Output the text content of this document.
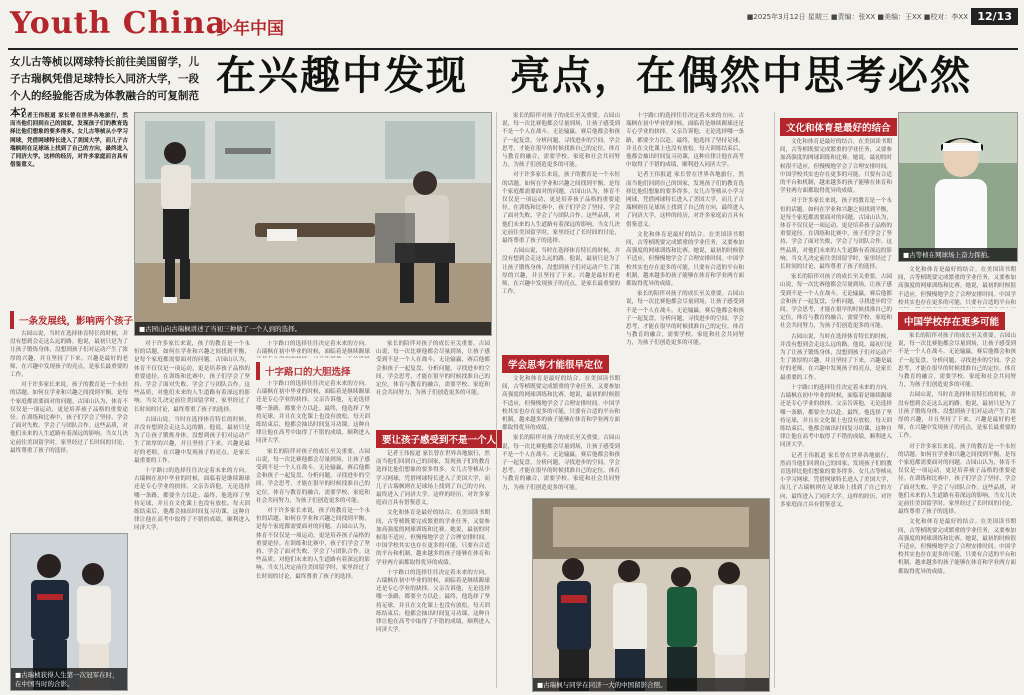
Youth China
少年中国
■2025年3月12日 星期三 ■责编：张XX ■美编：王XX ■校对：李XX 12/13
女儿古等桢以网球特长前往美国留学，儿子古瑞枫凭借足球特长入同济大学，一段个人的经验能否成为体教融合的可复制范本？
在兴趣中发现　亮点，在偶然中思考必然
■古园山向古瑞枫讲述了当初三种做了一个人到的选择。

记者王伟报道 家长曾在世界各地旅行，然而当他们回到自己的国家，发现孩子们的教育选择比他们想象的要多得多。女儿古等桢从小学习网球，凭借网球特长进入了美国大学，而儿子古瑞枫则在足球场上找到了自己的方向，最终进入了同济大学。这样的经历，对许多家庭而言具有借鉴意义。

一条发展线，影响两个孩子

古园山说，当时在选择体育特长的时候，并没有想到会走这么远的路。他说，最初只是为了让孩子锻炼身体，没想到孩子们对运动产生了浓厚的兴趣，并且坚持了下来。兴趣是最好的老师，在兴趣中发现孩子的亮点，是家长最重要的工作。

对于许多家长来说，孩子的教育是一个永恒的话题。如何在学业和兴趣之间找到平衡，是每个家庭都需要面对的问题。古园山认为，体育不仅仅是一项运动，更是培养孩子品格的重要途径。在训练和比赛中，孩子们学会了坚持、学会了面对失败、学会了与团队合作。这些品质，对他们未来的人生道路有着深远的影响。当女儿决定前往美国留学时，家里经过了长时间的讨论，最终尊重了孩子的选择。

■古瑞桢获得人生第一次冠军在时，在中国当时的合影。

对于许多家长来说，孩子的教育是一个永恒的话题。如何在学业和兴趣之间找到平衡，是每个家庭都需要面对的问题。古园山认为，体育不仅仅是一项运动，更是培养孩子品格的重要途径。在训练和比赛中，孩子们学会了坚持、学会了面对失败、学会了与团队合作。这些品质，对他们未来的人生道路有着深远的影响。当女儿决定前往美国留学时，家里经过了长时间的讨论，最终尊重了孩子的选择。

古园山说，当时在选择体育特长的时候，并没有想到会走这么远的路。他说，最初只是为了让孩子锻炼身体，没想到孩子们对运动产生了浓厚的兴趣，并且坚持了下来。兴趣是最好的老师，在兴趣中发现孩子的亮点，是家长最重要的工作。

十字路口的选择往往决定着未来的方向。古瑞枫在初中毕业的时候，面临着是继续踢球还是专心学业的抉择。父亲告诉他，无论选择哪一条路，都要全力以赴。最终，他选择了坚持足球，并且在文化课上也没有放松。每天训练结束后，他都会抽出时间复习功课，这种自律让他在高考中取得了不错的成绩，顺利进入同济大学。

十字路口的选择往往决定着未来的方向。古瑞枫在初中毕业的时候，面临着是继续踢球

十字路口的大胆选择

十字路口的选择往往决定着未来的方向。古瑞枫在初中毕业的时候，面临着是继续踢球还是专心学业的抉择。父亲告诉他，无论选择哪一条路，都要全力以赴。最终，他选择了坚持足球，并且在文化课上也没有放松。每天训练结束后，他都会抽出时间复习功课，这种自律让他在高考中取得了不错的成绩，顺利进入同济大学。

家长的陪伴对孩子的成长至关重要。古园山说，每一次比赛他都会尽量到场，让孩子感受到不是一个人在战斗。无论输赢，赛后他都会和孩子一起复盘，分析问题，寻找进步的空间。学会思考，才能在很早的时候找准自己的定位。体育与教育的融合，需要学校、家庭和社会共同努力，为孩子们创造更多的可能。

对于许多家长来说，孩子的教育是一个永恒的话题。如何在学业和兴趣之间找到平衡，是每个家庭都需要面对的问题。古园山认为，体育不仅仅是一项运动，更是培养孩子品格的重要途径。在训练和比赛中，孩子们学会了坚持、学会了面对失败、学会了与团队合作。这些品质，对他们未来的人生道路有着深远的影响。当女儿决定前往美国留学时，家里经过了长时间的讨论，最终尊重了孩子的选择。

家长的陪伴对孩子的成长至关重要。古园山说，每一次比赛他都会尽量到场，让孩子感受到不是一个人在战斗。无论输赢，赛后他都会和孩子一起复盘，分析问题，寻找进步的空间。学会思考，才能在很早的时候找准自己的定位。体育与教育的融合，需要学校、家庭和社会共同努力，为孩子们创造更多的可能。

要让孩子感受到不是一个人

记者王伟报道 家长曾在世界各地旅行，然而当他们回到自己的国家，发现孩子们的教育选择比他们想象的要多得多。女儿古等桢从小学习网球，凭借网球特长进入了美国大学，而儿子古瑞枫则在足球场上找到了自己的方向，最终进入了同济大学。这样的经历，对许多家庭而言具有借鉴意义。

文化和体育是最好的结合。在美国读书期间，古等桢既要完成繁重的学业任务，又要参加高强度的网球训练和比赛。她说，最初的时候很不适应，但慢慢地学会了合理安排时间。中国学校其实也存在更多的可能，只要有合适的平台和机制，越来越多的孩子能够在体育和学业两方面都取得优异的成绩。

十字路口的选择往往决定着未来的方向。古瑞枫在初中毕业的时候，面临着是继续踢球还是专心学业的抉择。父亲告诉他，无论选择哪一条路，都要全力以赴。最终，他选择了坚持足球，并且在文化课上也没有放松。每天训练结束后，他都会抽出时间复习功课，这种自律让他在高考中取得了不错的成绩，顺利进入同济大学。

家长的陪伴对孩子的成长至关重要。古园山说，每一次比赛他都会尽量到场，让孩子感受到不是一个人在战斗。无论输赢，赛后他都会和孩子一起复盘，分析问题，寻找进步的空间。学会思考，才能在很早的时候找准自己的定位。体育与教育的融合，需要学校、家庭和社会共同努力，为孩子们创造更多的可能。

对于许多家长来说，孩子的教育是一个永恒的话题。如何在学业和兴趣之间找到平衡，是每个家庭都需要面对的问题。古园山认为，体育不仅仅是一项运动，更是培养孩子品格的重要途径。在训练和比赛中，孩子们学会了坚持、学会了面对失败、学会了与团队合作。这些品质，对他们未来的人生道路有着深远的影响。当女儿决定前往美国留学时，家里经过了长时间的讨论，最终尊重了孩子的选择。

古园山说，当时在选择体育特长的时候，并没有想到会走这么远的路。他说，最初只是为了让孩子锻炼身体，没想到孩子们对运动产生了浓厚的兴趣，并且坚持了下来。兴趣是最好的老师，在兴趣中发现孩子的亮点，是家长最重要的工作。

学会思考才能很早定位

文化和体育是最好的结合。在美国读书期间，古等桢既要完成繁重的学业任务，又要参加高强度的网球训练和比赛。她说，最初的时候很不适应，但慢慢地学会了合理安排时间。中国学校其实也存在更多的可能，只要有合适的平台和机制，越来越多的孩子能够在体育和学业两方面都取得优异的成绩。

家长的陪伴对孩子的成长至关重要。古园山说，每一次比赛他都会尽量到场，让孩子感受到不是一个人在战斗。无论输赢，赛后他都会和孩子一起复盘，分析问题，寻找进步的空间。学会思考，才能在很早的时候找准自己的定位。体育与教育的融合，需要学校、家庭和社会共同努力，为孩子们创造更多的可能。

十字路口的选择往往决定着未来的方向。古瑞枫在初中毕业的时候，面临着是继续踢球还是专心学业的抉择。父亲告诉他，无论选择哪一条路，都要全力以赴。最终，他选择了坚持足球，并且在文化课上也没有放松。每天训练结束后，他都会抽出时间复习功课，这种自律让他在高考中取得了不错的成绩，顺利进入同济大学。

记者王伟报道 家长曾在世界各地旅行，然而当他们回到自己的国家，发现孩子们的教育选择比他们想象的要多得多。女儿古等桢从小学习网球，凭借网球特长进入了美国大学，而儿子古瑞枫则在足球场上找到了自己的方向，最终进入了同济大学。这样的经历，对许多家庭而言具有借鉴意义。

文化和体育是最好的结合。在美国读书期间，古等桢既要完成繁重的学业任务，又要参加高强度的网球训练和比赛。她说，最初的时候很不适应，但慢慢地学会了合理安排时间。中国学校其实也存在更多的可能，只要有合适的平台和机制，越来越多的孩子能够在体育和学业两方面都取得优异的成绩。

家长的陪伴对孩子的成长至关重要。古园山说，每一次比赛他都会尽量到场，让孩子感受到不是一个人在战斗。无论输赢，赛后他都会和孩子一起复盘，分析问题，寻找进步的空间。学会思考，才能在很早的时候找准自己的定位。体育与教育的融合，需要学校、家庭和社会共同努力，为孩子们创造更多的可能。

■古瑞枫与同学在同济一大的中国留影合照。
文化和体育是最好的结合

文化和体育是最好的结合。在美国读书期间，古等桢既要完成繁重的学业任务，又要参加高强度的网球训练和比赛。她说，最初的时候很不适应，但慢慢地学会了合理安排时间。中国学校其实也存在更多的可能，只要有合适的平台和机制，越来越多的孩子能够在体育和学业两方面都取得优异的成绩。

对于许多家长来说，孩子的教育是一个永恒的话题。如何在学业和兴趣之间找到平衡，是每个家庭都需要面对的问题。古园山认为，体育不仅仅是一项运动，更是培养孩子品格的重要途径。在训练和比赛中，孩子们学会了坚持、学会了面对失败、学会了与团队合作。这些品质，对他们未来的人生道路有着深远的影响。当女儿决定前往美国留学时，家里经过了长时间的讨论，最终尊重了孩子的选择。

家长的陪伴对孩子的成长至关重要。古园山说，每一次比赛他都会尽量到场，让孩子感受到不是一个人在战斗。无论输赢，赛后他都会和孩子一起复盘，分析问题，寻找进步的空间。学会思考，才能在很早的时候找准自己的定位。体育与教育的融合，需要学校、家庭和社会共同努力，为孩子们创造更多的可能。

古园山说，当时在选择体育特长的时候，并没有想到会走这么远的路。他说，最初只是为了让孩子锻炼身体，没想到孩子们对运动产生了浓厚的兴趣，并且坚持了下来。兴趣是最好的老师，在兴趣中发现孩子的亮点，是家长最重要的工作。

十字路口的选择往往决定着未来的方向。古瑞枫在初中毕业的时候，面临着是继续踢球还是专心学业的抉择。父亲告诉他，无论选择哪一条路，都要全力以赴。最终，他选择了坚持足球，并且在文化课上也没有放松。每天训练结束后，他都会抽出时间复习功课，这种自律让他在高考中取得了不错的成绩，顺利进入同济大学。

记者王伟报道 家长曾在世界各地旅行，然而当他们回到自己的国家，发现孩子们的教育选择比他们想象的要多得多。女儿古等桢从小学习网球，凭借网球特长进入了美国大学，而儿子古瑞枫则在足球场上找到了自己的方向，最终进入了同济大学。这样的经历，对许多家庭而言具有借鉴意义。

■古等桢在网球场上奋力挥拍。

文化和体育是最好的结合。在美国读书期间，古等桢既要完成繁重的学业任务，又要参加高强度的网球训练和比赛。她说，最初的时候很不适应，但慢慢地学会了合理安排时间。中国学校其实也存在更多的可能，只要有合适的平台和

中国学校存在更多可能

家长的陪伴对孩子的成长至关重要。古园山说，每一次比赛他都会尽量到场，让孩子感受到不是一个人在战斗。无论输赢，赛后他都会和孩子一起复盘，分析问题，寻找进步的空间。学会思考，才能在很早的时候找准自己的定位。体育与教育的融合，需要学校、家庭和社会共同努力，为孩子们创造更多的可能。

古园山说，当时在选择体育特长的时候，并没有想到会走这么远的路。他说，最初只是为了让孩子锻炼身体，没想到孩子们对运动产生了浓厚的兴趣，并且坚持了下来。兴趣是最好的老师，在兴趣中发现孩子的亮点，是家长最重要的工作。

对于许多家长来说，孩子的教育是一个永恒的话题。如何在学业和兴趣之间找到平衡，是每个家庭都需要面对的问题。古园山认为，体育不仅仅是一项运动，更是培养孩子品格的重要途径。在训练和比赛中，孩子们学会了坚持、学会了面对失败、学会了与团队合作。这些品质，对他们未来的人生道路有着深远的影响。当女儿决定前往美国留学时，家里经过了长时间的讨论，最终尊重了孩子的选择。

文化和体育是最好的结合。在美国读书期间，古等桢既要完成繁重的学业任务，又要参加高强度的网球训练和比赛。她说，最初的时候很不适应，但慢慢地学会了合理安排时间。中国学校其实也存在更多的可能，只要有合适的平台和机制，越来越多的孩子能够在体育和学业两方面都取得优异的成绩。
